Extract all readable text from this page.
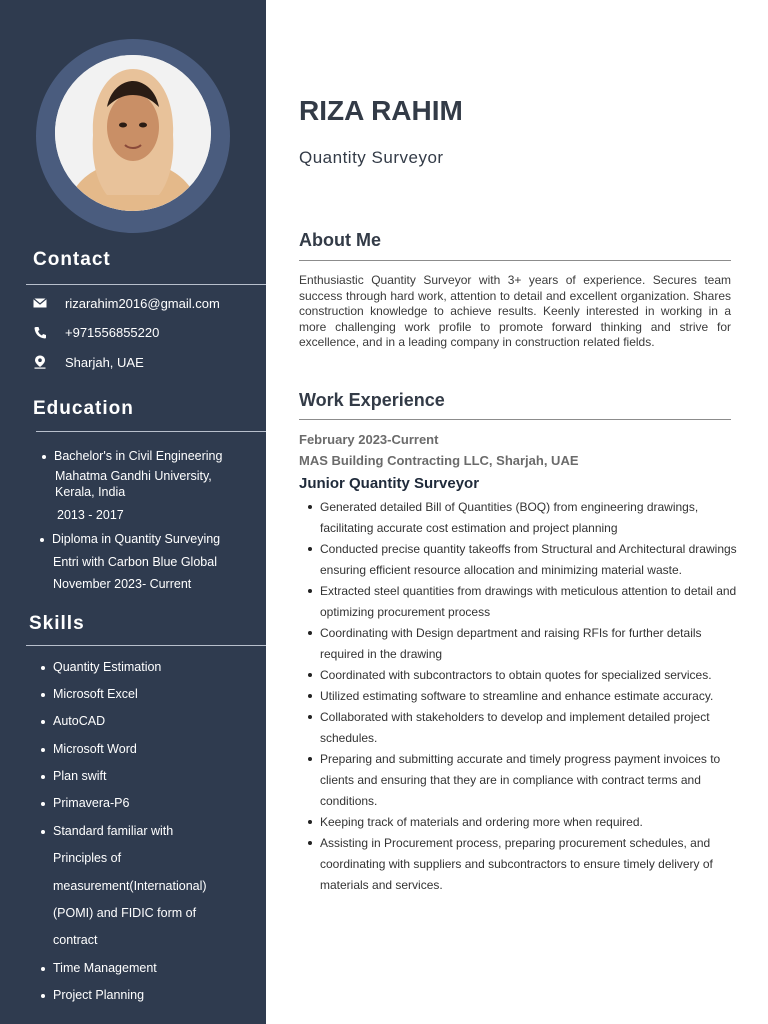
Contact
rizarahim2016@gmail.com
+971556855220
Sharjah, UAE
Education
Bachelor's in Civil Engineering
Mahatma Gandhi University,
Kerala, India
2013 - 2017
Diploma in Quantity Surveying
Entri with Carbon Blue Global
November 2023- Current
Skills
Quantity Estimation
Microsoft Excel
AutoCAD
Microsoft Word
Plan swift
Primavera-P6
Standard familiar with
Principles of
measurement(International)
(POMI) and FIDIC form of
contract
Time Management
Project Planning
RIZA RAHIM
Quantity Surveyor
About Me
Enthusiastic Quantity Surveyor with 3+ years of experience. Secures team success through hard work, attention to detail and excellent organization. Shares construction knowledge to achieve results. Keenly interested in working in a more challenging work profile to promote forward thinking and strive for excellence, and in a leading company in construction related fields.
Work Experience
February 2023-Current
MAS Building Contracting LLC, Sharjah, UAE
Junior Quantity Surveyor
Generated detailed Bill of Quantities (BOQ) from engineering drawings, facilitating accurate cost estimation and project planning
Conducted precise quantity takeoffs from Structural and Architectural drawings ensuring efficient resource allocation and minimizing material waste.
Extracted steel quantities from drawings with meticulous attention to detail and optimizing procurement process
Coordinating with Design department and raising RFIs for further details required in the drawing
Coordinated with subcontractors to obtain quotes for specialized services.
Utilized estimating software to streamline and enhance estimate accuracy.
Collaborated with stakeholders to develop and implement detailed project schedules.
Preparing and submitting accurate and timely progress payment invoices to clients and ensuring that they are in compliance with contract terms and conditions.
Keeping track of materials and ordering more when required.
Assisting in Procurement process, preparing procurement schedules, and coordinating with suppliers and subcontractors to ensure timely delivery of materials and services.
